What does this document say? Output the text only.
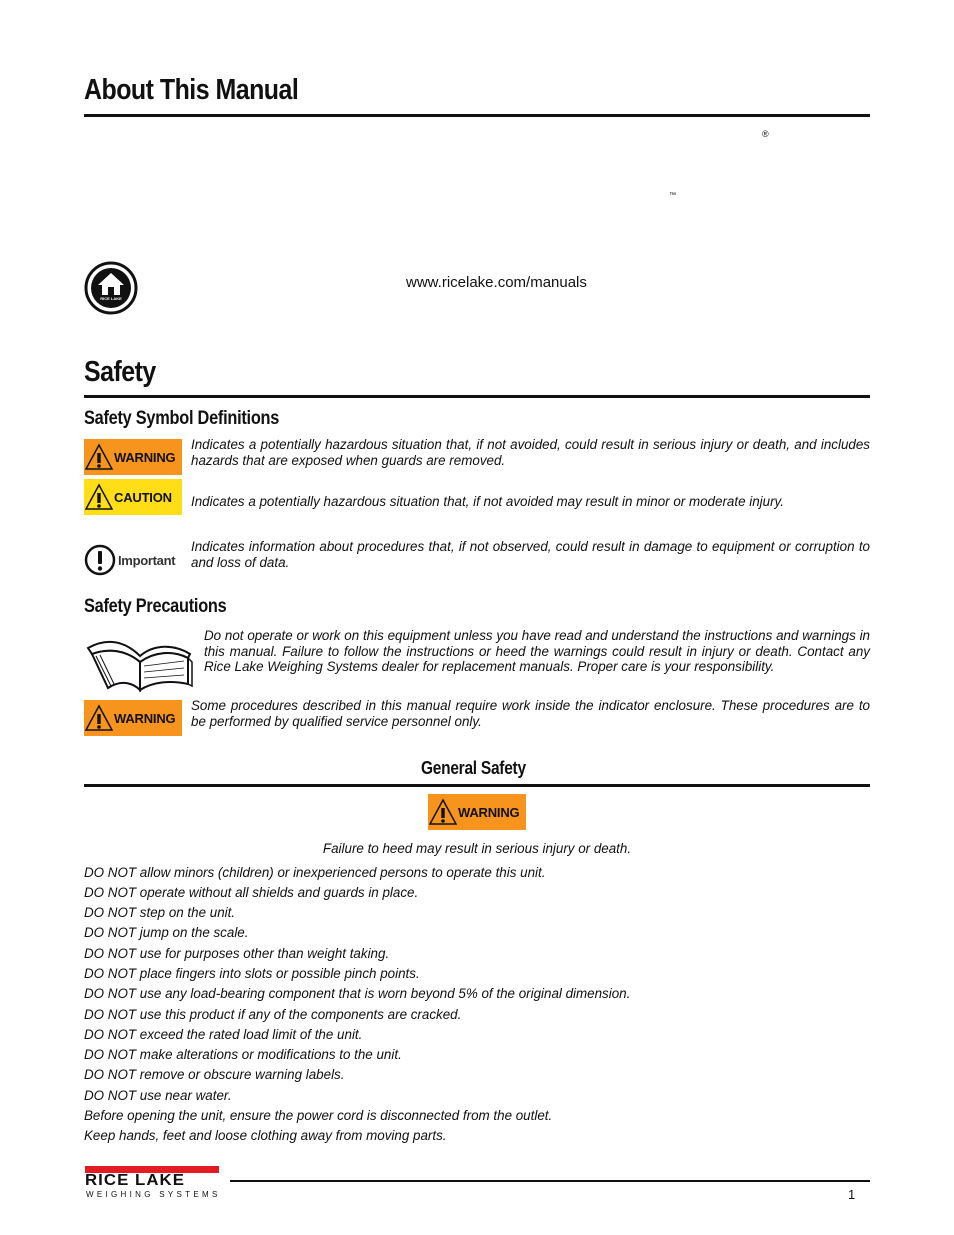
About This Manual
®
™
RICE LAKE
www.ricelake.com/manuals
Safety
Safety Symbol Definitions
WARNING
Indicates a potentially hazardous situation that, if not avoided, could result in serious injury or death, and includes hazards that are exposed when guards are removed.
CAUTION Indicates a potentially hazardous situation that, if not avoided may result in minor or moderate injury.
Important
Indicates information about procedures that, if not observed, could result in damage to equipment or corruption to and loss of data.
Safety Precautions
Do not operate or work on this equipment unless you have read and understand the instructions and warnings in this manual. Failure to follow the instructions or heed the warnings could result in injury or death. Contact any Rice Lake Weighing Systems dealer for replacement manuals. Proper care is your responsibility.
WARNING
Some procedures described in this manual require work inside the indicator enclosure. These procedures are to be performed by qualified service personnel only.
General Safety
WARNING
Failure to heed may result in serious injury or death.
DO NOT allow minors (children) or inexperienced persons to operate this unit.
DO NOT operate without all shields and guards in place.
DO NOT step on the unit.
DO NOT jump on the scale.
DO NOT use for purposes other than weight taking.
DO NOT place fingers into slots or possible pinch points.
DO NOT use any load-bearing component that is worn beyond 5% of the original dimension.
DO NOT use this product if any of the components are cracked.
DO NOT exceed the rated load limit of the unit.
DO NOT make alterations or modifications to the unit.
DO NOT remove or obscure warning labels.
DO NOT use near water.
Before opening the unit, ensure the power cord is disconnected from the outlet.
Keep hands, feet and loose clothing away from moving parts.
RICE LAKE
WEIGHING SYSTEMS	1
